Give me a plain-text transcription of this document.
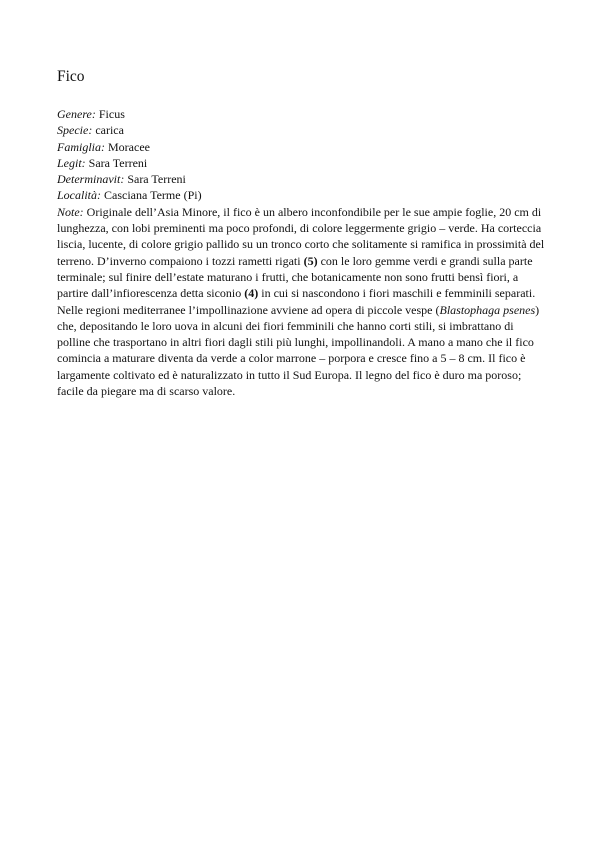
Fico

Genere: Ficus

Specie: carica

Famiglia: Moracee

Legit: Sara Terreni

Determinavit: Sara Terreni

Località: Casciana Terme (Pi)

Note: Originale dell’Asia Minore, il fico è un albero inconfondibile per le sue ampie foglie, 20 cm di lunghezza, con lobi preminenti ma poco profondi, di colore leggermente grigio – verde. Ha corteccia liscia, lucente, di colore grigio pallido su un tronco corto che solitamente si ramifica in prossimità del terreno. D’inverno compaiono i tozzi rametti rigati (5) con le loro gemme verdi e grandi sulla parte terminale; sul finire dell’estate maturano i frutti, che botanicamente non sono frutti bensì fiori, a partire dall’infiorescenza detta siconio (4) in cui si nascondono i fiori maschili e femminili separati. Nelle regioni mediterranee l’impollinazione avviene ad opera di piccole vespe (Blastophaga psenes) che, depositando le loro uova in alcuni dei fiori femminili che hanno corti stili, si imbrattano di polline che trasportano in altri fiori dagli stili più lunghi, impollinandoli. A mano a mano che il fico comincia a maturare diventa da verde a color marrone – porpora e cresce fino a 5 – 8 cm. Il fico è largamente coltivato ed è naturalizzato in tutto il Sud Europa. Il legno del fico è duro ma poroso; facile da piegare ma di scarso valore.
